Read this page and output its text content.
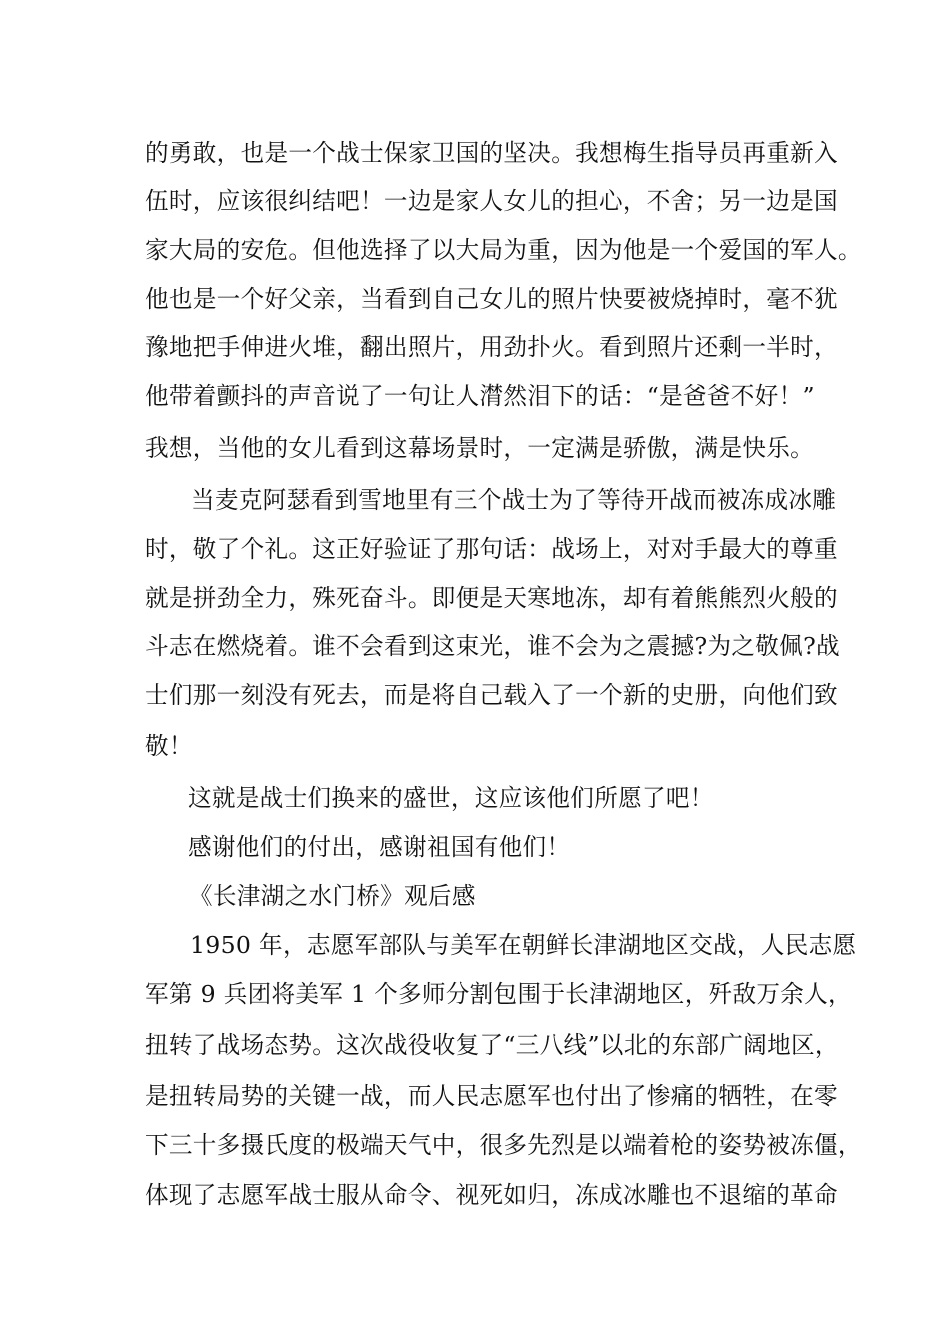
的勇敢，也是一个战士保家卫国的坚决。我想梅生指导员再重新入
伍时，应该很纠结吧！一边是家人女儿的担心，不舍；另一边是国
家大局的安危。但他选择了以大局为重，因为他是一个爱国的军人。
他也是一个好父亲，当看到自己女儿的照片快要被烧掉时，毫不犹
豫地把手伸进火堆，翻出照片，用劲扑火。看到照片还剩一半时，
他带着颤抖的声音说了一句让人潸然泪下的话：“是爸爸不好！”
我想，当他的女儿看到这幕场景时，一定满是骄傲，满是快乐。
当麦克阿瑟看到雪地里有三个战士为了等待开战而被冻成冰雕
时，敬了个礼。这正好验证了那句话：战场上，对对手最大的尊重
就是拼劲全力，殊死奋斗。即便是天寒地冻，却有着熊熊烈火般的
斗志在燃烧着。谁不会看到这束光，谁不会为之震撼?为之敬佩?战
士们那一刻没有死去，而是将自己载入了一个新的史册，向他们致
敬！
这就是战士们换来的盛世，这应该他们所愿了吧！
感谢他们的付出，感谢祖国有他们！
《长津湖之水门桥》观后感
1950 年，志愿军部队与美军在朝鲜长津湖地区交战，人民志愿
军第 9 兵团将美军 1 个多师分割包围于长津湖地区，歼敌万余人，
扭转了战场态势。这次战役收复了“三八线”以北的东部广阔地区，
是扭转局势的关键一战，而人民志愿军也付出了惨痛的牺牲，在零
下三十多摄氏度的极端天气中，很多先烈是以端着枪的姿势被冻僵，
体现了志愿军战士服从命令、视死如归，冻成冰雕也不退缩的革命
